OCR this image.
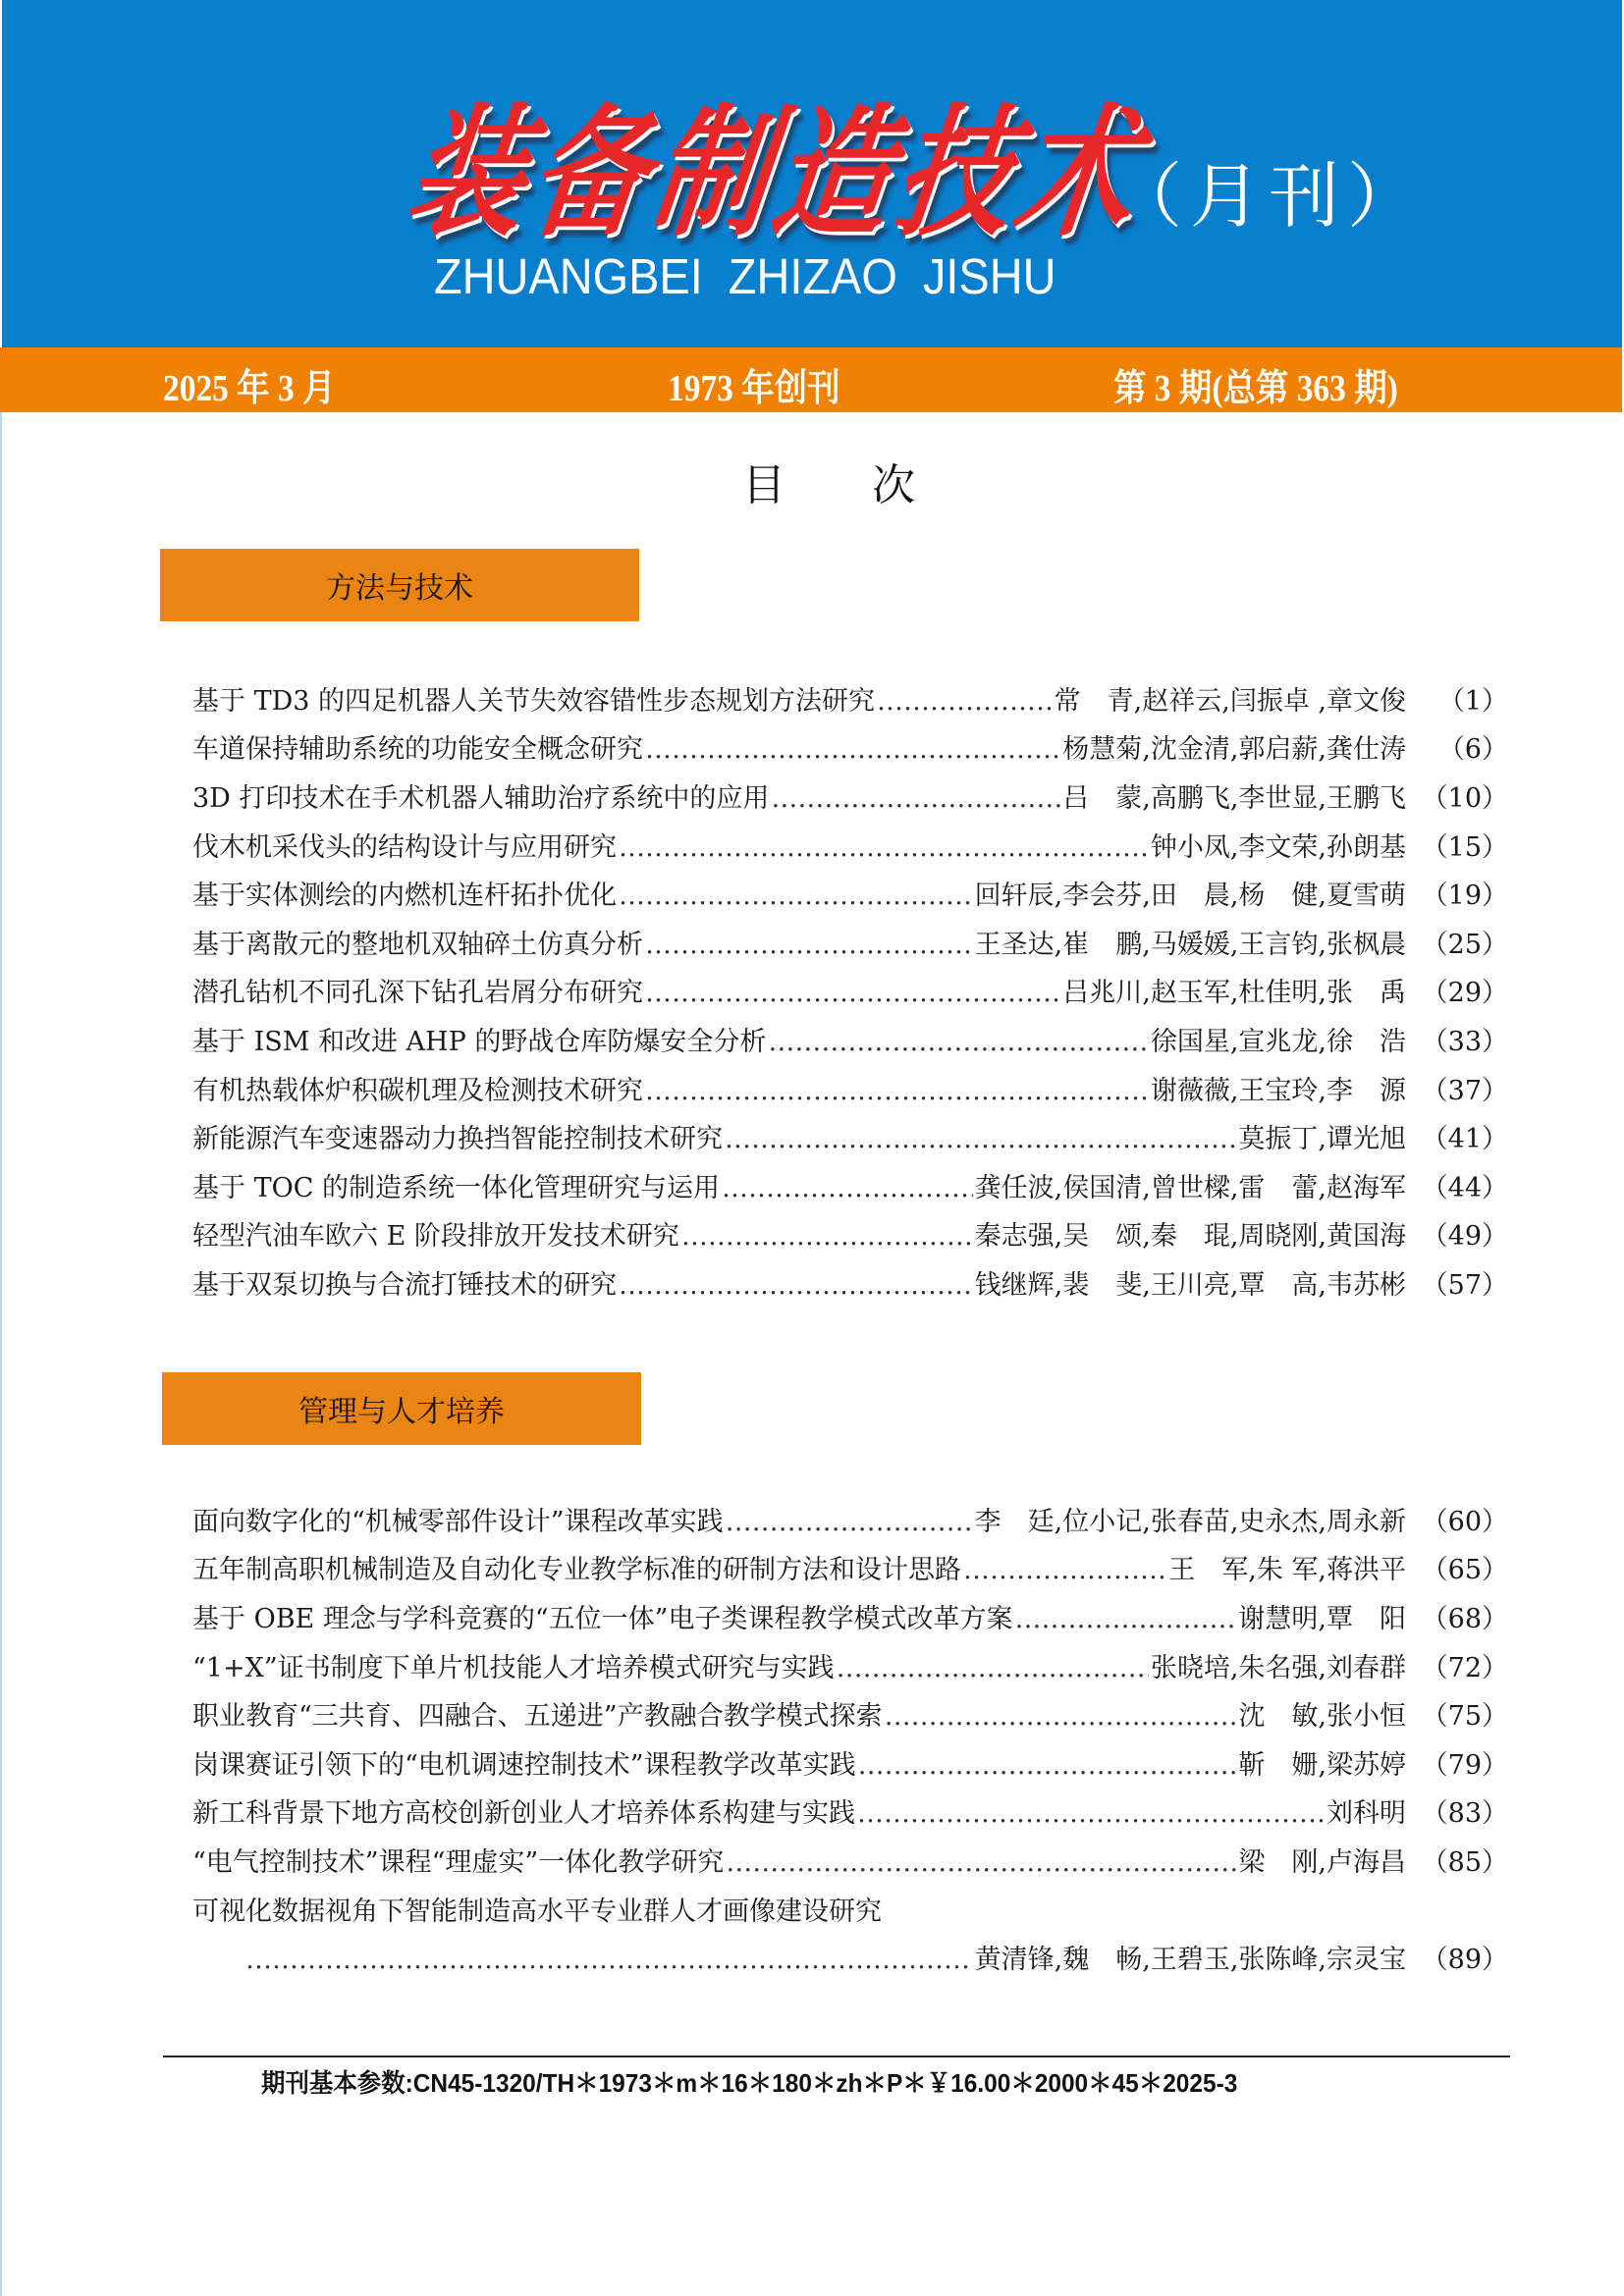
装备制造技术
（月刊）
ZHUANGBEI  ZHIZAO  JISHU
2025 年 3 月	1973 年创刊	第 3 期(总第 363 期)
目次
方法与技术
基于 TD3 的四足机器人关节失效容错性步态规划方法研究 …………………………………………………………………………………………………………………………………………	常　青,赵祥云,闫振卓 ,章文俊	（1）
车道保持辅助系统的功能安全概念研究 …………………………………………………………………………………………………………………………………………	杨慧菊,沈金清,郭启薪,龚仕涛	（6）
3D 打印技术在手术机器人辅助治疗系统中的应用 …………………………………………………………………………………………………………………………………………	吕　蒙,高鹏飞,李世显,王鹏飞 （10）
伐木机采伐头的结构设计与应用研究 …………………………………………………………………………………………………………………………………………	钟小凤,李文荣,孙朗基 （15）
基于实体测绘的内燃机连杆拓扑优化 …………………………………………………………………………………………………………………………………………	回轩辰,李会芬,田　晨,杨　健,夏雪萌 （19）
基于离散元的整地机双轴碎土仿真分析 …………………………………………………………………………………………………………………………………………	王圣达,崔　鹏,马媛媛,王言钧,张枫晨 （25）
潜孔钻机不同孔深下钻孔岩屑分布研究 …………………………………………………………………………………………………………………………………………	吕兆川,赵玉军,杜佳明,张　禹 （29）
基于 ISM 和改进 AHP 的野战仓库防爆安全分析 …………………………………………………………………………………………………………………………………………	徐国星,宣兆龙,徐　浩 （33）
有机热载体炉积碳机理及检测技术研究 …………………………………………………………………………………………………………………………………………	谢薇薇,王宝玲,李　源 （37）
新能源汽车变速器动力换挡智能控制技术研究 …………………………………………………………………………………………………………………………………………	莫振丁,谭光旭 （41）
基于 TOC 的制造系统一体化管理研究与运用 …………………………………………………………………………………………………………………………………………	龚任波,侯国清,曾世樑,雷　蕾,赵海军 （44）
轻型汽油车欧六 E 阶段排放开发技术研究 …………………………………………………………………………………………………………………………………………	秦志强,吴　颂,秦　琨,周晓刚,黄国海 （49）
基于双泵切换与合流打锤技术的研究 …………………………………………………………………………………………………………………………………………	钱继辉,裴　斐,王川亮,覃　高,韦苏彬 （57）
管理与人才培养
面向数字化的“机械零部件设计”课程改革实践 …………………………………………………………………………………………………………………………………………	李　廷,位小记,张春苗,史永杰,周永新 （60）
五年制高职机械制造及自动化专业教学标准的研制方法和设计思路 …………………………………………………………………………………………………………………………………………	王　军,朱 军,蒋洪平 （65）
基于 OBE 理念与学科竞赛的“五位一体”电子类课程教学模式改革方案 …………………………………………………………………………………………………………………………………………	谢慧明,覃　阳 （68）
“1+X”证书制度下单片机技能人才培养模式研究与实践 …………………………………………………………………………………………………………………………………………	张晓培,朱名强,刘春群 （72）
职业教育“三共育、四融合、五递进”产教融合教学模式探索 …………………………………………………………………………………………………………………………………………	沈　敏,张小恒 （75）
岗课赛证引领下的“电机调速控制技术”课程教学改革实践 …………………………………………………………………………………………………………………………………………	靳　姗,梁苏婷 （79）
新工科背景下地方高校创新创业人才培养体系构建与实践 …………………………………………………………………………………………………………………………………………	刘科明 （83）
“电气控制技术”课程“理虚实”一体化教学研究 …………………………………………………………………………………………………………………………………………	梁　刚,卢海昌 （85）
可视化数据视角下智能制造高水平专业群人才画像建设研究
…………………………………………………………………………………………………………………………………………
黄清锋,魏　畅,王碧玉,张陈峰,宗灵宝 （89）
期刊基本参数:CN45-1320/TH＊1973＊m＊16＊180＊zh＊P＊￥16.00＊2000＊45＊2025-3
